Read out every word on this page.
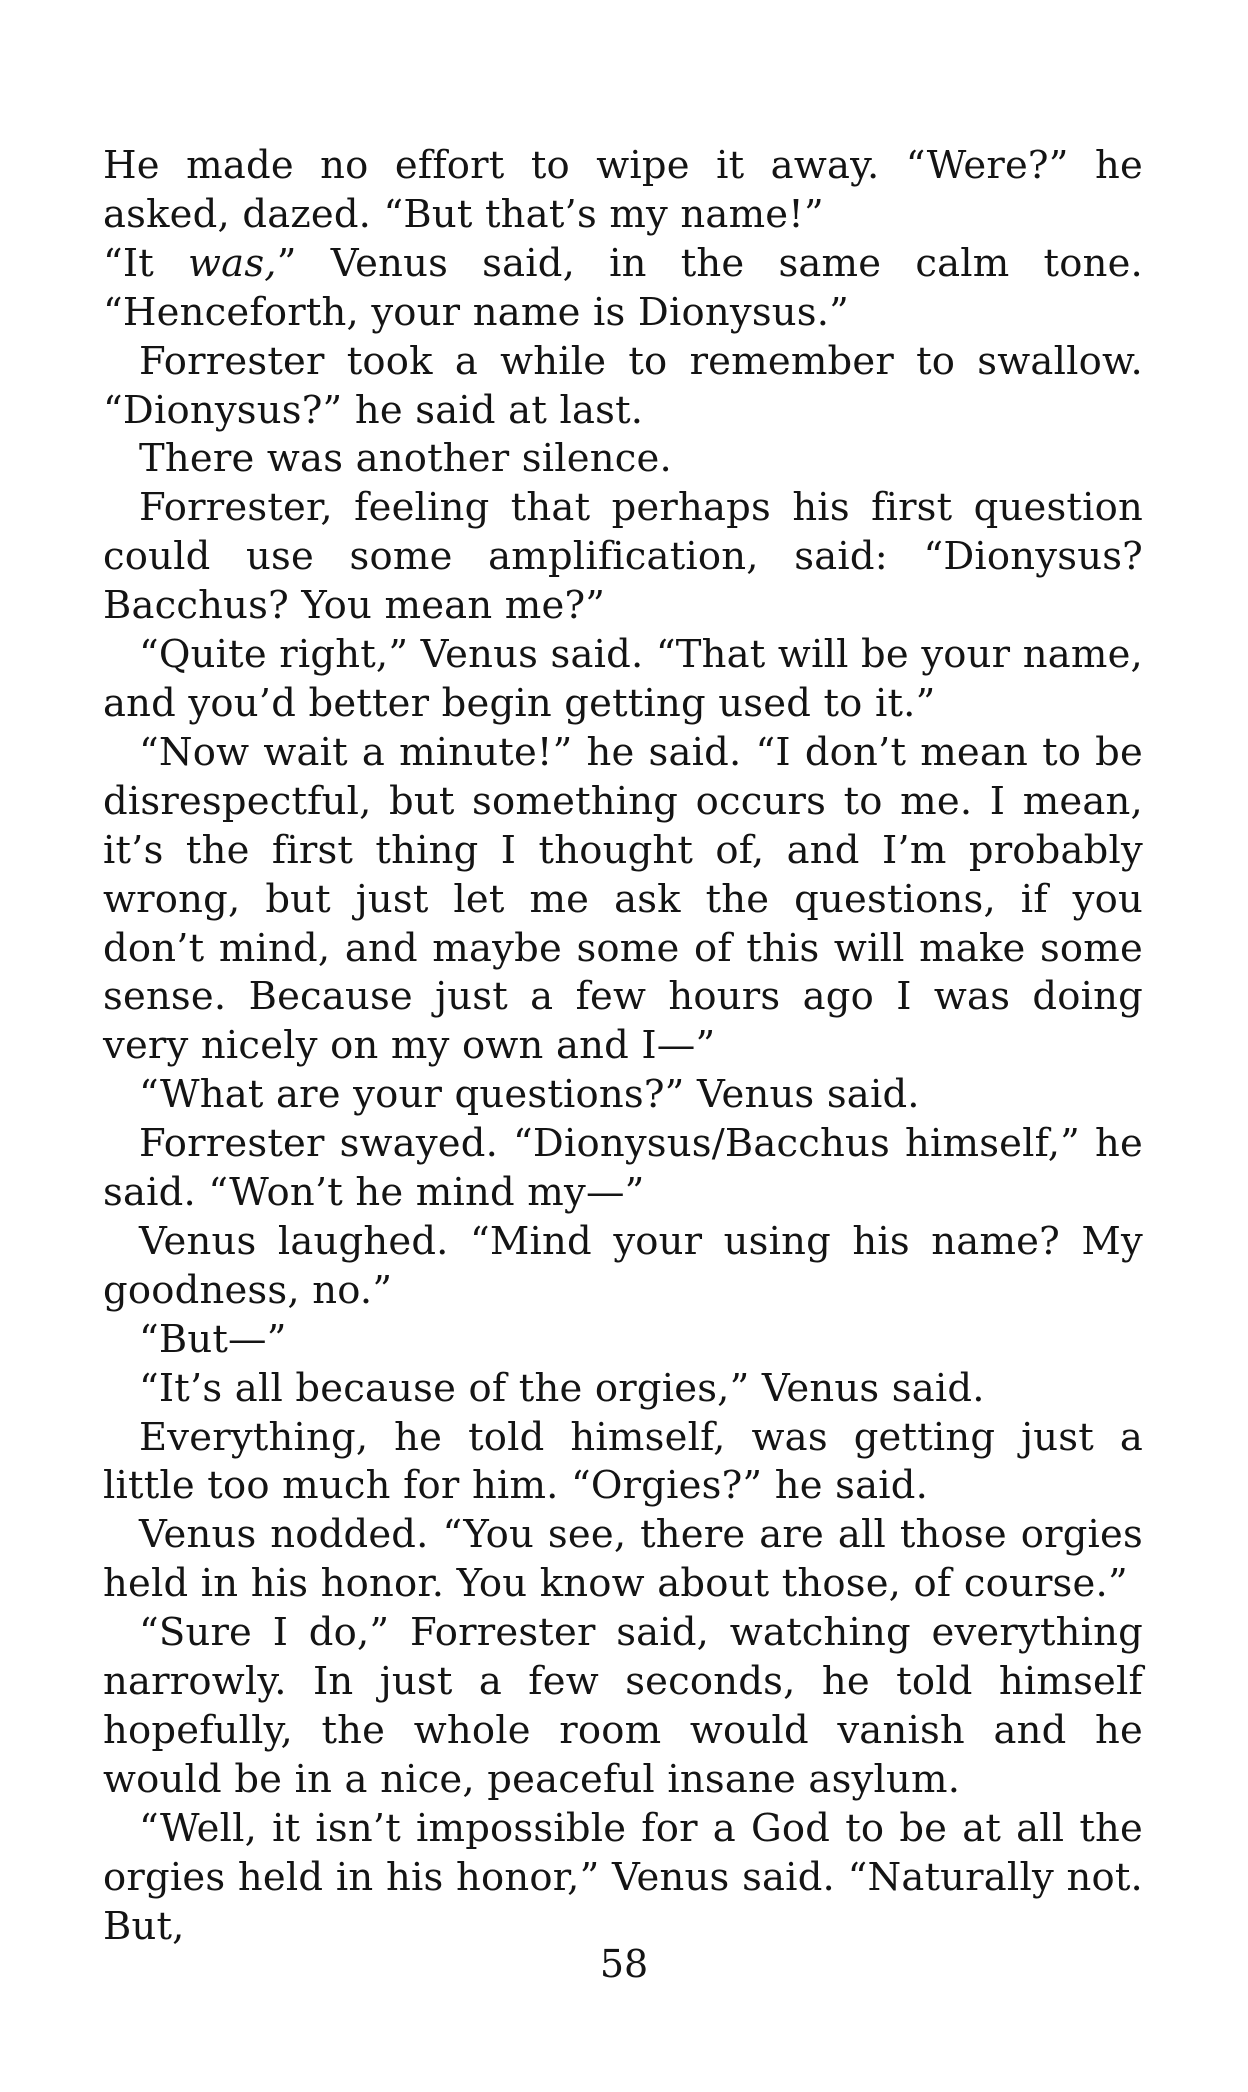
He made no effort to wipe it away. “Were?” he asked, dazed. “But that’s my name!”

“It was,” Venus said, in the same calm tone. “Henceforth, your name is Dionysus.”

Forrester took a while to remember to swallow. “Dionysus?” he said at last.

There was another silence.

Forrester, feeling that perhaps his first question could use some amplification, said: “Dionysus? Bacchus? You mean me?”

“Quite right,” Venus said. “That will be your name, and you’d better begin getting used to it.”

“Now wait a minute!” he said. “I don’t mean to be disrespectful, but something occurs to me. I mean, it’s the first thing I thought of, and I’m probably wrong, but just let me ask the questions, if you don’t mind, and maybe some of this will make some sense. Because just a few hours ago I was doing very nicely on my own and I—”

“What are your questions?” Venus said.

Forrester swayed. “Dionysus/Bacchus himself,” he said. “Won’t he mind my—”

Venus laughed. “Mind your using his name? My goodness, no.”

“But—”

“It’s all because of the orgies,” Venus said.

Everything, he told himself, was getting just a little too much for him. “Orgies?” he said.

Venus nodded. “You see, there are all those orgies held in his honor. You know about those, of course.”

“Sure I do,” Forrester said, watching everything narrowly. In just a few seconds, he told himself hopefully, the whole room would vanish and he would be in a nice, peaceful insane asylum.

“Well, it isn’t impossible for a God to be at all the orgies held in his honor,” Venus said. “Naturally not. But,

58
